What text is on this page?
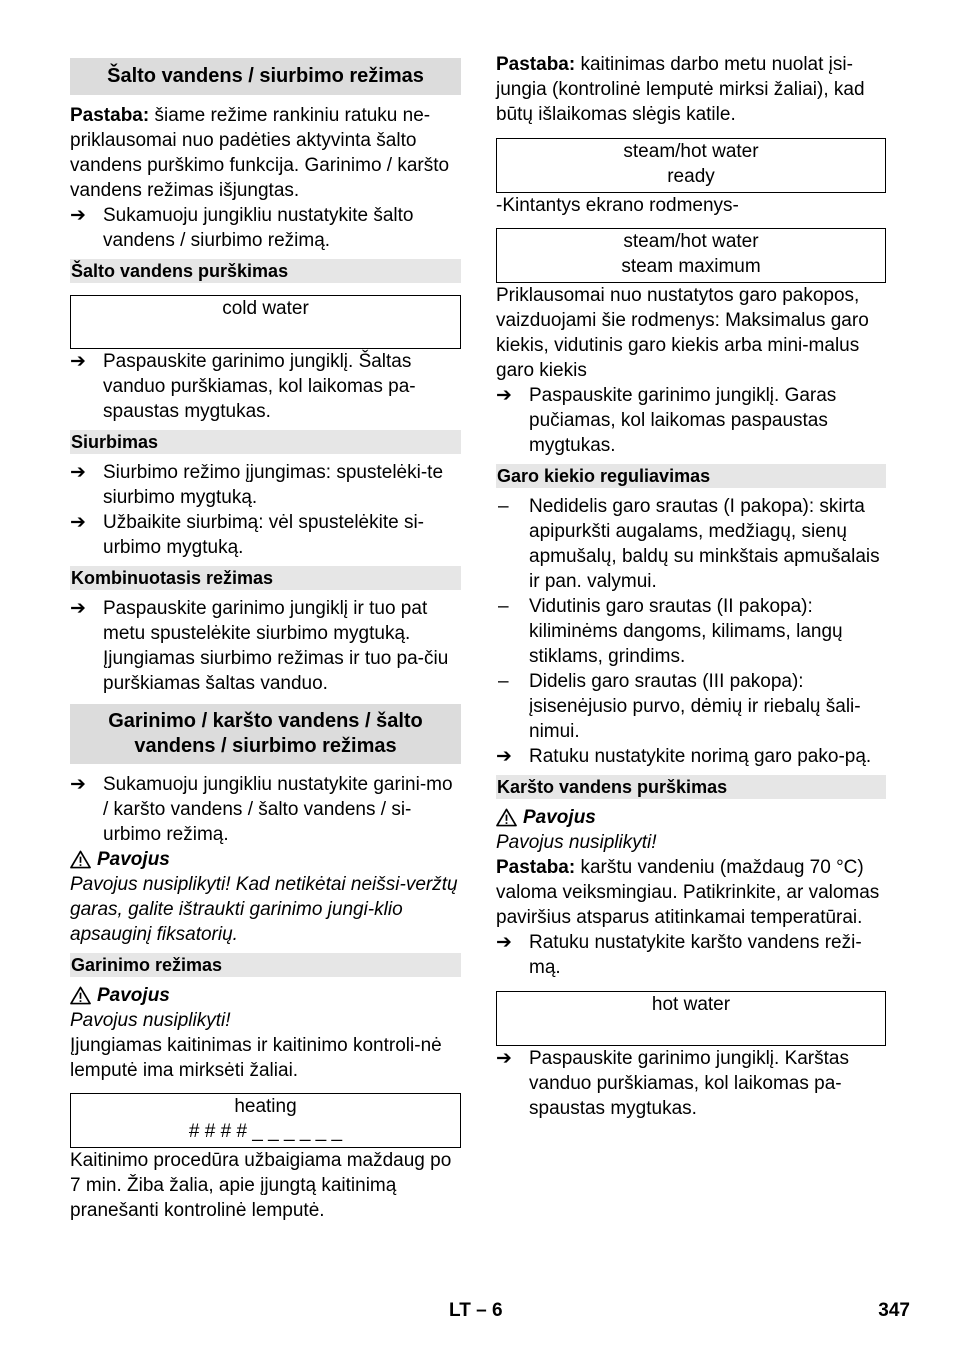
Šalto vandens / siurbimo režimas

Pastaba: šiame režime rankiniu ratuku ne-priklausomai nuo padėties aktyvinta šalto vandens purškimo funkcija. Garinimo / karšto vandens režimas išjungtas.

➔ Sukamuoju jungikliu nustatykite šalto vandens / siurbimo režimą.
Šalto vandens purškimas
cold water
➔ Paspauskite garinimo jungiklį. Šaltas vanduo purškiamas, kol laikomas pa-spaustas mygtukas.
Siurbimas
➔ Siurbimo režimo įjungimas: spustelėki-te siurbimo mygtuką.
➔ Užbaikite siurbimą: vėl spustelėkite si-urbimo mygtuką.
Kombinuotasis režimas
➔ Paspauskite garinimo jungiklį ir tuo pat metu spustelėkite siurbimo mygtuką. Įjungiamas siurbimo režimas ir tuo pa-čiu purškiamas šaltas vanduo.
Garinimo / karšto vandens / šalto vandens / siurbimo režimas
➔ Sukamuoju jungikliu nustatykite garini-mo / karšto vandens / šalto vandens / si-urbimo režimą.
Pavojus

Pavojus nusiplikyti! Kad netikėtai neišsi-veržtų garas, galite ištraukti garinimo jungi-klio apsauginį fiksatorių.

Garinimo režimas
Pavojus

Pavojus nusiplikyti!

Įjungiamas kaitinimas ir kaitinimo kontroli-nė lemputė ima mirksėti žaliai.

heating
# # # # _ _ _ _ _ _

Kaitinimo procedūra užbaigiama maždaug po 7 min. Žiba žalia, apie įjungtą kaitinimą pranešanti kontrolinė lemputė.

Pastaba: kaitinimas darbo metu nuolat įsi-jungia (kontrolinė lemputė mirksi žaliai), kad būtų išlaikomas slėgis katile.

steam/hot water
ready

-Kintantys ekrano rodmenys-

steam/hot water
steam maximum

Priklausomai nuo nustatytos garo pakopos, vaizduojami šie rodmenys: Maksimalus garo kiekis, vidutinis garo kiekis arba mini-malus garo kiekis

➔ Paspauskite garinimo jungiklį. Garas pučiamas, kol laikomas paspaustas mygtukas.
Garo kiekio reguliavimas
– Nedidelis garo srautas (I pakopa): skirta apipurkšti augalams, medžiagų, sienų apmušalų, baldų su minkštais apmušalais ir pan. valymui.
– Vidutinis garo srautas (II pakopa): kiliminėms dangoms, kilimams, langų stiklams, grindims.
– Didelis garo srautas (III pakopa): įsisenėjusio purvo, dėmių ir riebalų šali-nimui.
➔ Ratuku nustatykite norimą garo pako-pą.
Karšto vandens purškimas
Pavojus

Pavojus nusiplikyti!

Pastaba: karštu vandeniu (maždaug 70 °C) valoma veiksmingiau. Patikrinkite, ar valomas paviršius atsparus atitinkamai temperatūrai.

➔ Ratuku nustatykite karšto vandens reži-mą.
hot water
➔ Paspauskite garinimo jungiklį. Karštas vanduo purškiamas, kol laikomas pa-spaustas mygtukas.
LT – 6	347
